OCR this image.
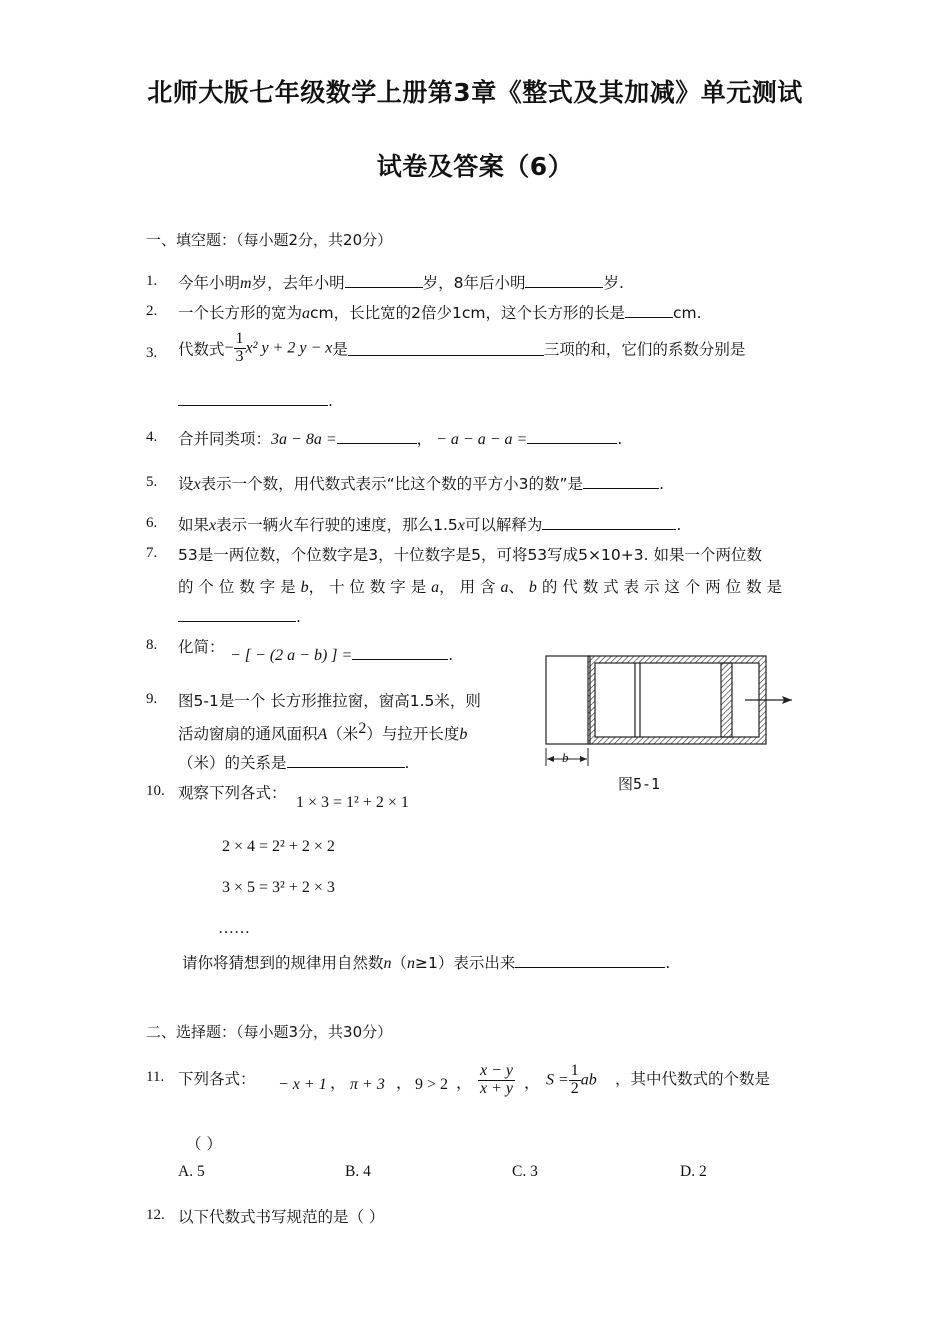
北师大版七年级数学上册第3章《整式及其加减》单元测试
试卷及答案（6）
一、填空题：（每小题2分，共20分）
1. 今年小明m岁，去年小明	岁，8年后小明	岁.
2. 一个长方形的宽为acm，长比宽的2倍少1cm，这个长方形的长是	cm.
3. 代数式− $\frac{1}{3} x^2$ y + 2 y − x是	三项的和，它们的系数分别是
.
4. 合并同类项：3a − 8a =	， − a − a − a =	.
5. 设x表示一个数，用代数式表示“比这个数的平方小3的数”是	.
6. 如果x表示一辆火车行驶的速度，那么1.5x可以解释为	.
7. 53是一两位数，个位数字是3，十位数字是5，可将53写成5×10+3. 如果一个两位数
的 个 位 数 字 是 b， 十 位 数 字 是 a， 用 含 a、 b 的 代 数 式 表 示 这 个 两 位 数 是
.
8. 化简： − [ − (2 a − b) ] =	.
9. 图5-1是一个 长方形推拉窗，窗高1.5米，则
活动窗扇的通风面积A（米$^2$）与拉开长度b
（米）的关系是	.	b
图5-1
10. 观察下列各式：
1 × 3 = 1² + 2 × 1
2 × 4 = 2² + 2 × 2
3 × 5 = 3² + 2 × 3
……
请你将猜想到的规律用自然数n（n≥1）表示出来	.
二、选择题：（每小题3分，共30分）
11. 下列各式： − x + 1 ， π + 3 ， 9 > 2 ， $\frac{x - y}{x + y}$ ， $S = \frac{1}{2}$ ab ，其中代数式的个数是
（ ）
A. 5	B. 4	C. 3	D. 2
12. 以下代数式书写规范的是（ ）
